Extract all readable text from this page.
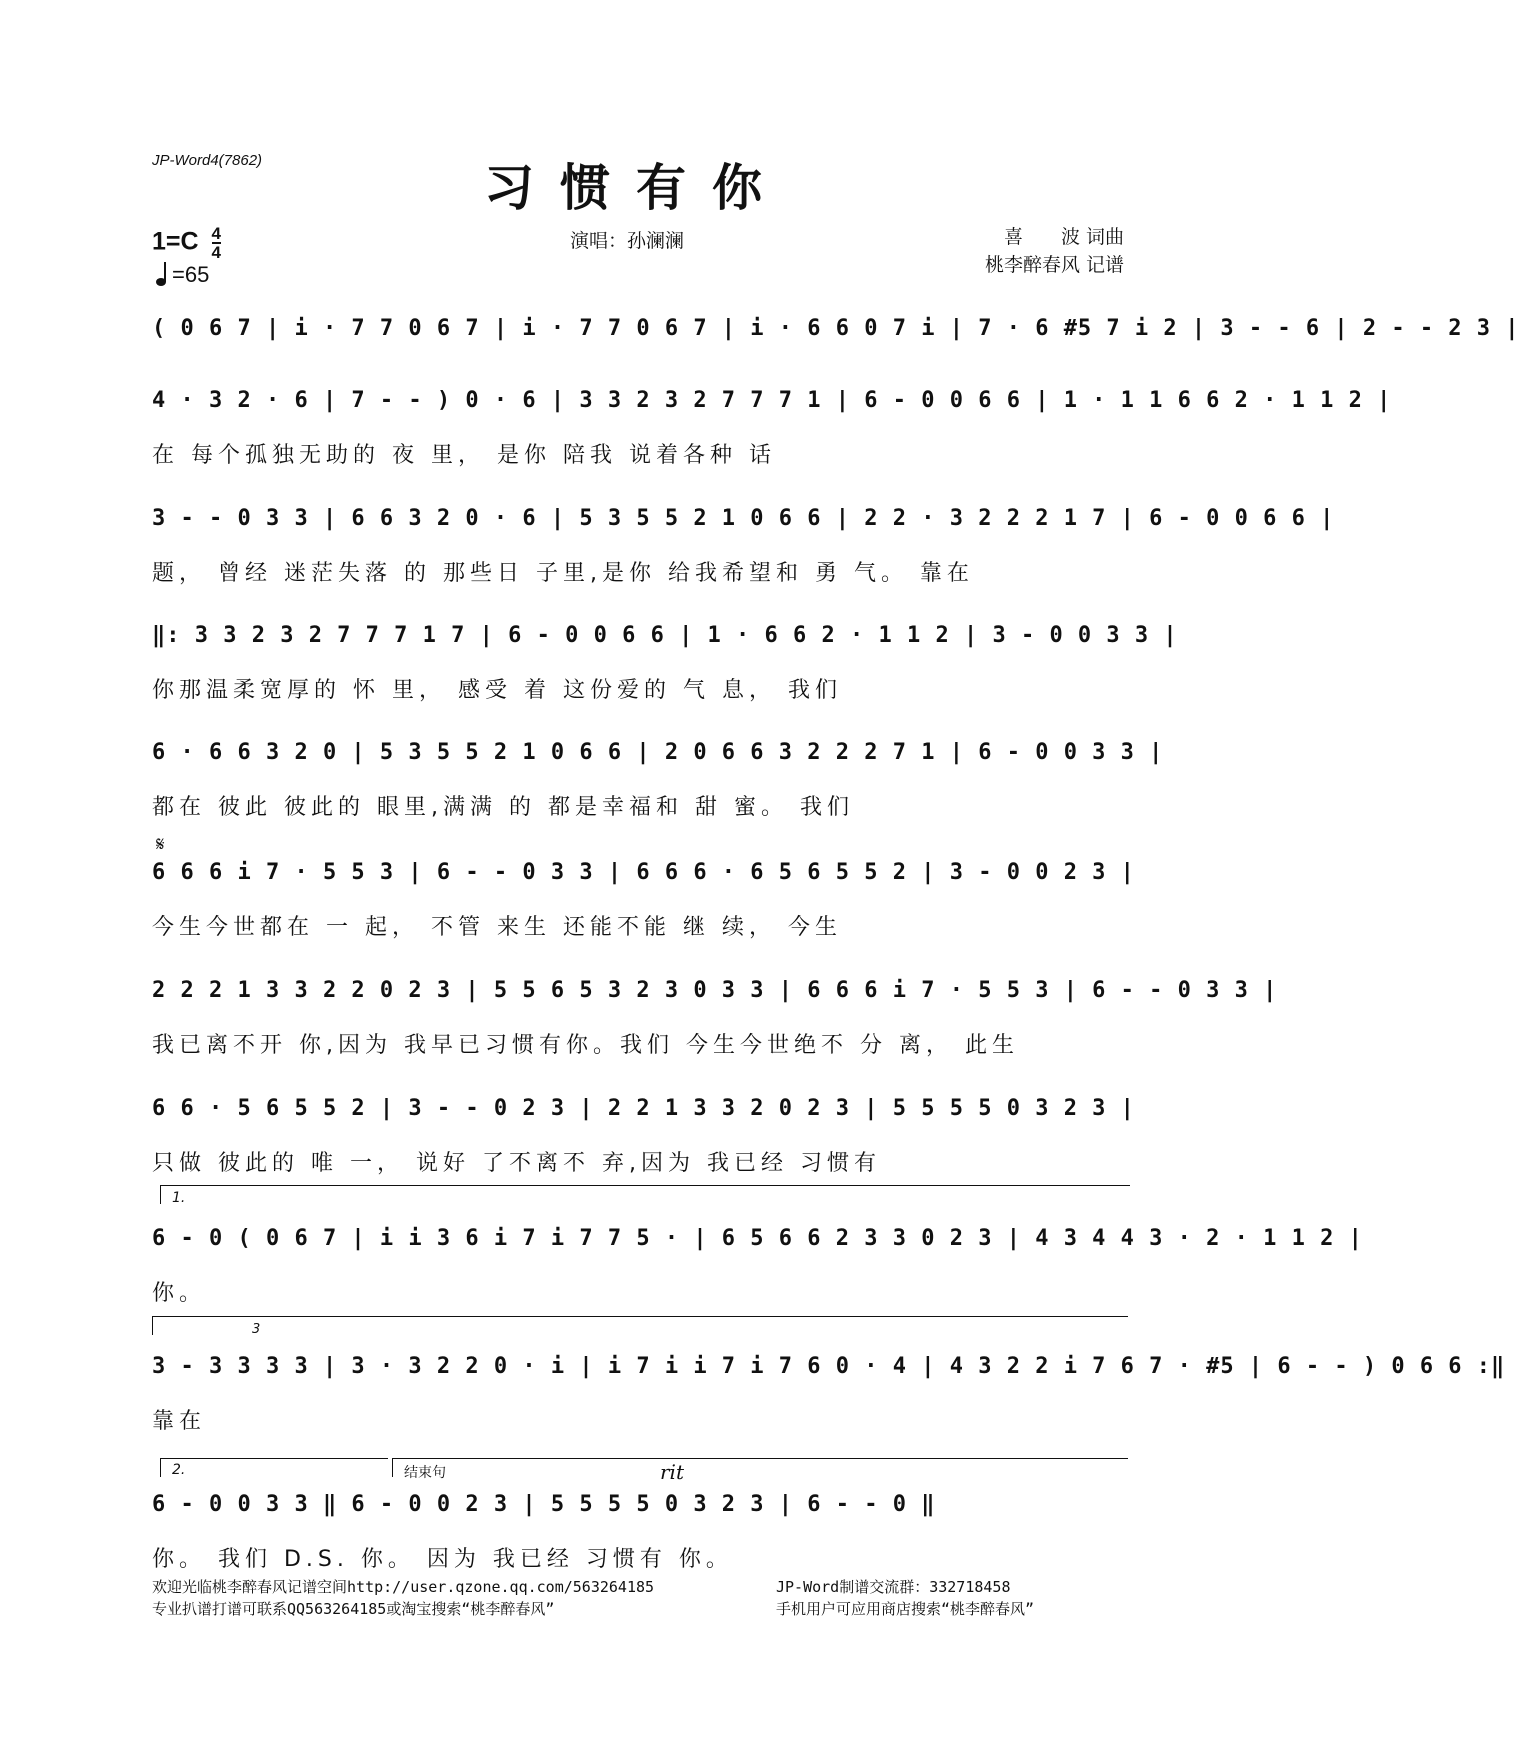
JP-Word4(7862)	习惯有你
$1=C \frac{4}{4}$
=65
演唱：孙澜澜	喜　　波 词曲
桃李醉春风 记谱
( 0 6 7 | i · 7 7 0 6 7 | i · 7 7 0 6 7 | i · 6 6 0 7 i | 7 · 6 #5 7 i 2 | 3 - - 6 | 2 - - 2 3 |
4 · 3 2 · 6 | 7 - - ) 0 · 6 | 3 3 2 3 2 7 7 7 1 | 6 - 0 0 6 6 | 1 · 1 1 6 6 2 · 1 1 2 |
在 每个孤独无助的 夜 里， 是你 陪我 说着各种 话
3 - - 0 3 3 | 6 6 3 2 0 · 6 | 5 3 5 5 2 1 0 6 6 | 2 2 · 3 2 2 2 1 7 | 6 - 0 0 6 6 |
题， 曾经 迷茫失落 的 那些日 子里,是你 给我希望和 勇 气。 靠在
‖: 3 3 2 3 2 7 7 7 1 7 | 6 - 0 0 6 6 | 1 · 6 6 2 · 1 1 2 | 3 - 0 0 3 3 |
你那温柔宽厚的 怀 里， 感受 着 这份爱的 气 息， 我们
6 · 6 6 3 2 0 | 5 3 5 5 2 1 0 6 6 | 2 0 6 6 3 2 2 2 7 1 | 6 - 0 0 3 3 |
都在 彼此 彼此的 眼里,满满 的 都是幸福和 甜 蜜。 我们
𝄋
6 6 6 i 7 · 5 5 3 | 6 - - 0 3 3 | 6 6 6 · 6 5 6 5 5 2 | 3 - 0 0 2 3 |
今生今世都在 一 起， 不管 来生 还能不能 继 续， 今生
2 2 2 1 3 3 2 2 0 2 3 | 5 5 6 5 3 2 3 0 3 3 | 6 6 6 i 7 · 5 5 3 | 6 - - 0 3 3 |
我已离不开 你,因为 我早已习惯有你。我们 今生今世绝不 分 离， 此生
6 6 · 5 6 5 5 2 | 3 - - 0 2 3 | 2 2 1 3 3 2 0 2 3 | 5 5 5 5 0 3 2 3 |
只做 彼此的 唯 一， 说好 了不离不 弃,因为 我已经 习惯有
1.
6 - 0 ( 0 6 7 | i i 3 6 i 7 i 7 7 5 · | 6 5 6 6 2 3 3 0 2 3 | 4 3 4 4 3 · 2 · 1 1 2 |
你。
3
3 - 3 3 3 3 | 3 · 3 2 2 0 · i | i 7 i i 7 i 7 6 0 · 4 | 4 3 2 2 i 7 6 7 · #5 | 6 - - ) 0 6 6 :‖
靠在
2.	结束句	rit
6 - 0 0 3 3 ‖ 6 - 0 0 2 3 | 5 5 5 5 0 3 2 3 | 6 - - 0 ‖
你。 我们 D.S. 你。 因为 我已经 习惯有 你。
欢迎光临桃李醉春风记谱空间http://user.qzone.qq.com/563264185	JP-Word制谱交流群：332718458
专业扒谱打谱可联系QQ563264185或淘宝搜索“桃李醉春风”	手机用户可应用商店搜索“桃李醉春风”
